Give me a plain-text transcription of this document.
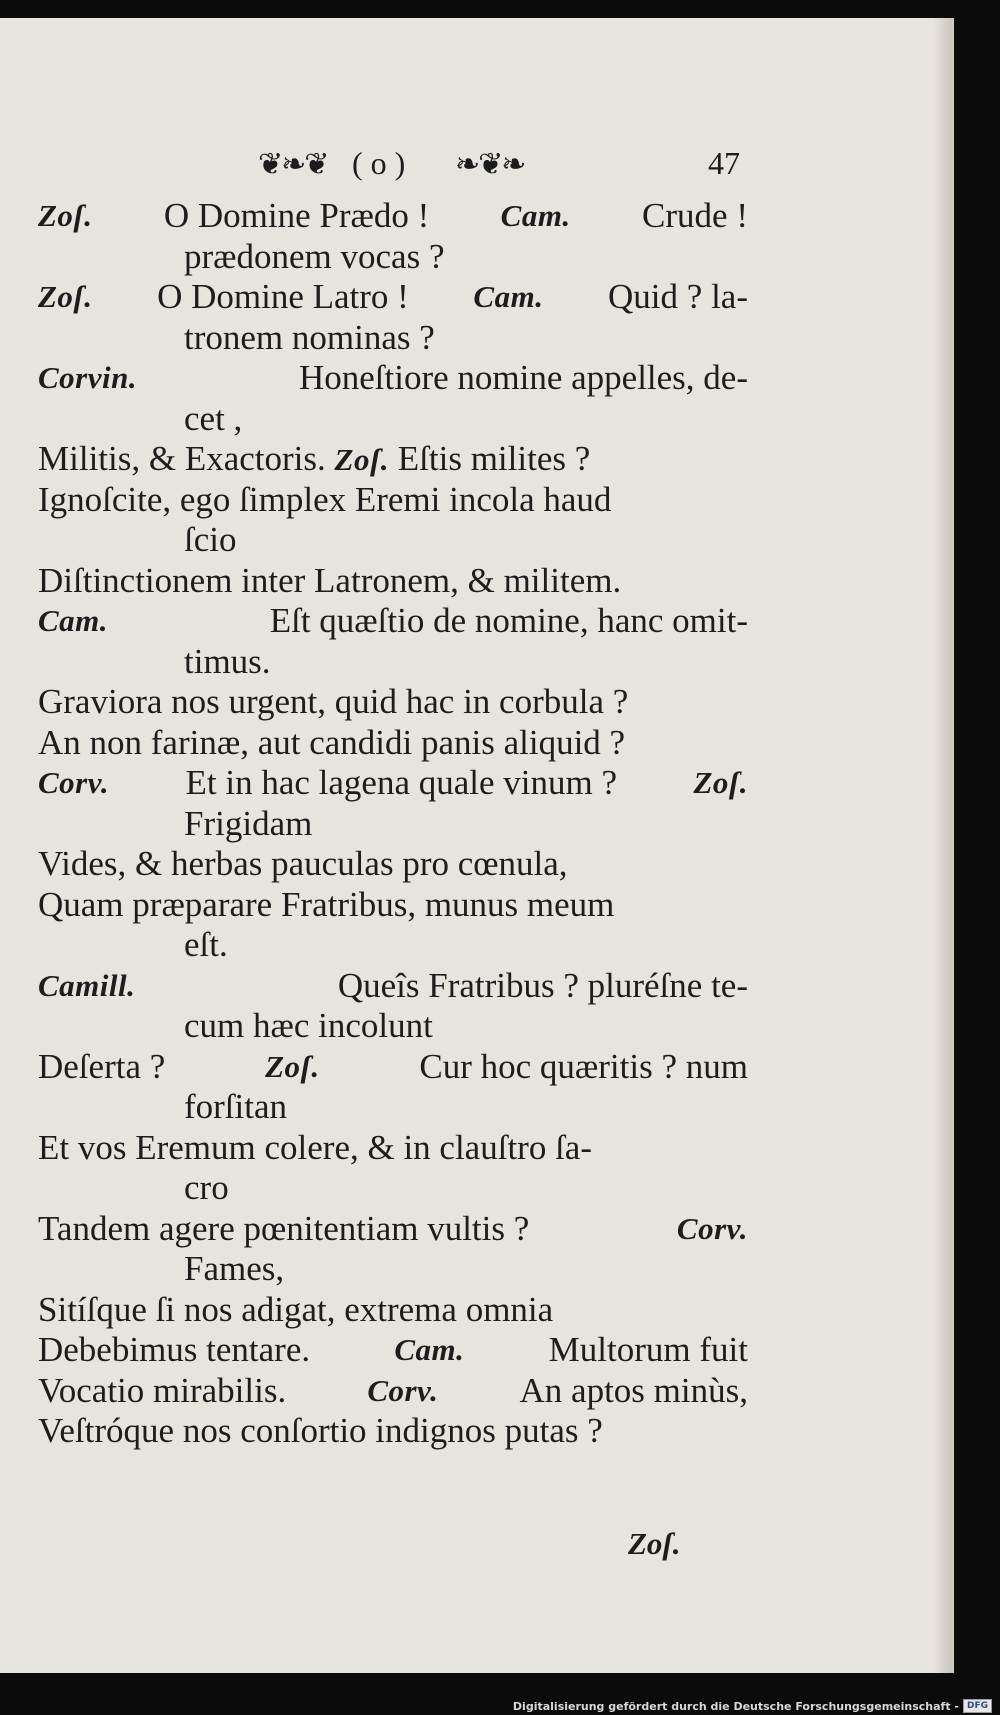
❦❧❦ ( o ) ❧❦❧	47
Zoſ. O Domine Prædo ! Cam. Crude !
prædonem vocas ?
Zoſ. O Domine Latro ! Cam. Quid ? la-
tronem nominas ?
Corvin.	Honeſtiore nomine appelles, de-
cet ,
Militis, & Exactoris. Zoſ. Eſtis milites ?
Ignoſcite, ego ſimplex Eremi incola haud
ſcio
Diſtinctionem inter Latronem, & militem.
Cam.	Eſt quæſtio de nomine, hanc omit-
timus.
Graviora nos urgent, quid hac in corbula ?
An non farinæ, aut candidi panis aliquid ?
Corv. Et in hac lagena quale vinum ? Zoſ.
Frigidam
Vides, & herbas pauculas pro cœnula,
Quam præparare Fratribus, munus meum
eſt.
Camill.	Queîs Fratribus ? pluréſne te-
cum hæc incolunt
Deſerta ?	Zoſ.	Cur hoc quæritis ? num
forſitan
Et vos Eremum colere, & in clauſtro ſa-
cro
Tandem agere pœnitentiam vultis ?	Corv.
Fames,
Sitíſque ſi nos adigat, extrema omnia
Debebimus tentare.	Cam. Multorum fuit
Vocatio mirabilis.	Corv. An aptos minùs,
Veſtróque nos conſortio indignos putas ?
Zoſ.
Digitalisierung gefördert durch die Deutsche Forschungsgemeinschaft - DFG
